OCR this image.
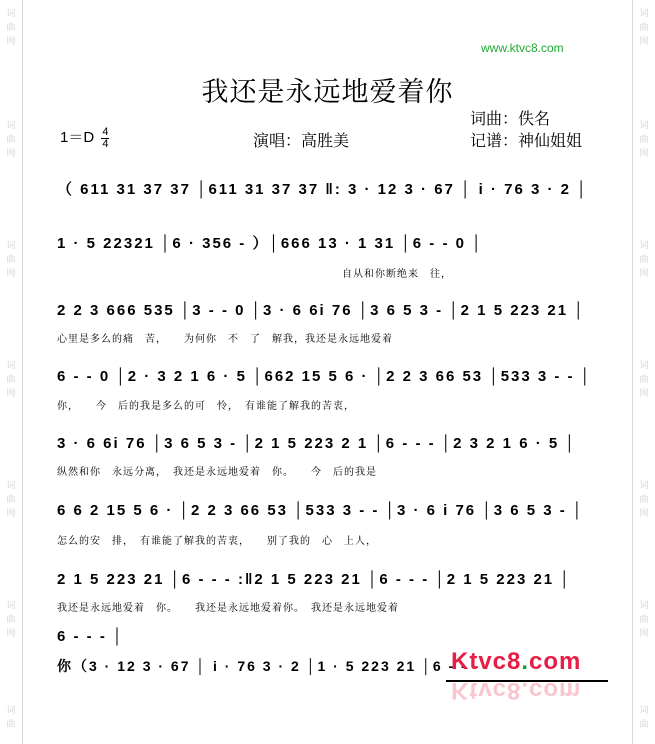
词
曲
网
词
曲
网
词
曲
网
词
曲
网
词
曲
网
词
曲
网
词
曲
词
曲
网
词
曲
网
词
曲
网
词
曲
网
词
曲
网
词
曲
网
词
曲
www.ktvc8.com
我还是永远地爱着你
词曲：佚名
演唱：高胜美	记谱：神仙姐姐
$1=D \frac{4}{4}$
（ 611 31 37 37 │611 31 37 37 ‖: 3 · 12 3 · 67 │ i · 76 3 · 2 │
1 · 5 22321 │6 · 356 - ）│666 13 · 1 31 │6 - - 0 │
自从和你断绝来　往，
2 2 3 666 535 │3 - - 0 │3 · 6 6i 76 │3 6 5 3 - │2 1 5 223 21 │
心里是多么的痛　苦，　　为何你　不　了　解我，我还是永远地爱着
6 - - 0 │2 · 3 2 1 6 · 5 │662 15 5 6 · │2 2 3 66 53 │533 3 - - │
你，　　今　后的我是多么的可　怜，　有谁能了解我的苦衷，
3 · 6 6i 76 │3 6 5 3 - │2 1 5 223 2 1 │6 - - - │2 3 2 1 6 · 5 │
纵然和你　永远分离，　我还是永远地爱着　你。　　今　后的我是
6 6 2 15 5 6 · │2 2 3 66 53 │533 3 - - │3 · 6 i 76 │3 6 5 3 - │
怎么的安　排，　有谁能了解我的苦衷，　　别了我的　心　上人，
2 1 5 223 21 │6 - - - :‖2 1 5 223 21 │6 - - - │2 1 5 223 21 │
我还是永远地爱着　你。　　我还是永远地爱着你。　我还是永远地爱着
6 - - - │
你（3 · 12 3 · 67 │ i · 76 3 · 2 │1 · 5 223 21 │6 - - -
Ktvc8.com
Ktvc8.com
